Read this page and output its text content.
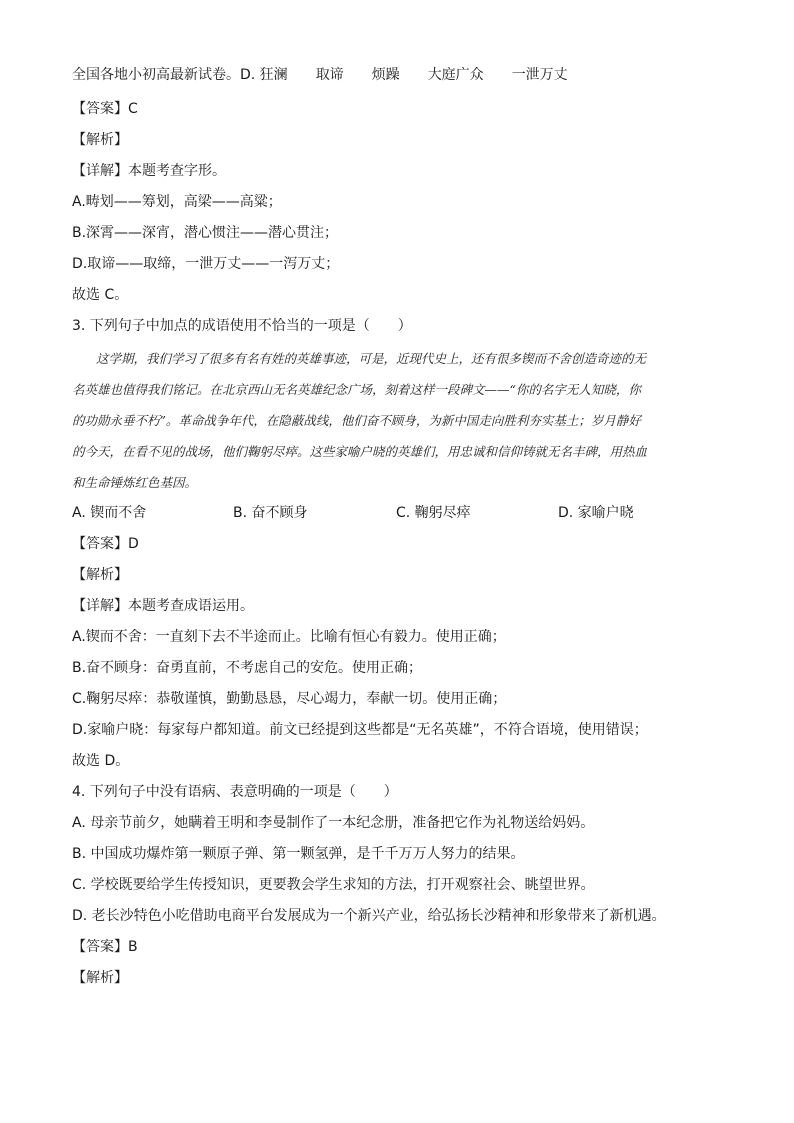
全国各地小初高最新试卷。D. 狂澜 取谛 烦躁 大庭广众 一泄万丈
【答案】C
【解析】
【详解】本题考查字形。
A.畴划——筹划，高梁——高粱；
B.深霄——深宵，潜心惯注——潜心贯注；
D.取谛——取缔，一泄万丈——一泻万丈；
故选 C。
3. 下列句子中加点的成语使用不恰当的一项是（　　）

这学期，我们学习了很多有名有姓的英雄事迹，可是，近现代史上，还有很多锲而不舍创造奇迹的无

名英雄也值得我们铭记。在北京西山无名英雄纪念广场，刻着这样一段碑文——“你的名字无人知晓，你

的功勋永垂不朽”。革命战争年代，在隐蔽战线，他们奋不顾身，为新中国走向胜利夯实基土；岁月静好

的今天，在看不见的战场，他们鞠躬尽瘁。这些家喻户晓的英雄们，用忠诚和信仰铸就无名丰碑，用热血

和生命锤炼红色基因。

A. 锲而不舍	B. 奋不顾身	C. 鞠躬尽瘁	D. 家喻户晓
【答案】D
【解析】
【详解】本题考查成语运用。
A.锲而不舍：一直刻下去不半途而止。比喻有恒心有毅力。使用正确；
B.奋不顾身：奋勇直前，不考虑自己的安危。使用正确；
C.鞠躬尽瘁：恭敬谨慎，勤勤恳恳，尽心竭力，奉献一切。使用正确；
D.家喻户晓：每家每户都知道。前文已经提到这些都是“无名英雄”，不符合语境，使用错误；
故选 D。
4. 下列句子中没有语病、表意明确的一项是（　　）
A. 母亲节前夕，她瞒着王明和李曼制作了一本纪念册，准备把它作为礼物送给妈妈。
B. 中国成功爆炸第一颗原子弹、第一颗氢弹，是千千万万人努力的结果。
C. 学校既要给学生传授知识，更要教会学生求知的方法，打开观察社会、眺望世界。
D. 老长沙特色小吃借助电商平台发展成为一个新兴产业，给弘扬长沙精神和形象带来了新机遇。
【答案】B
【解析】
